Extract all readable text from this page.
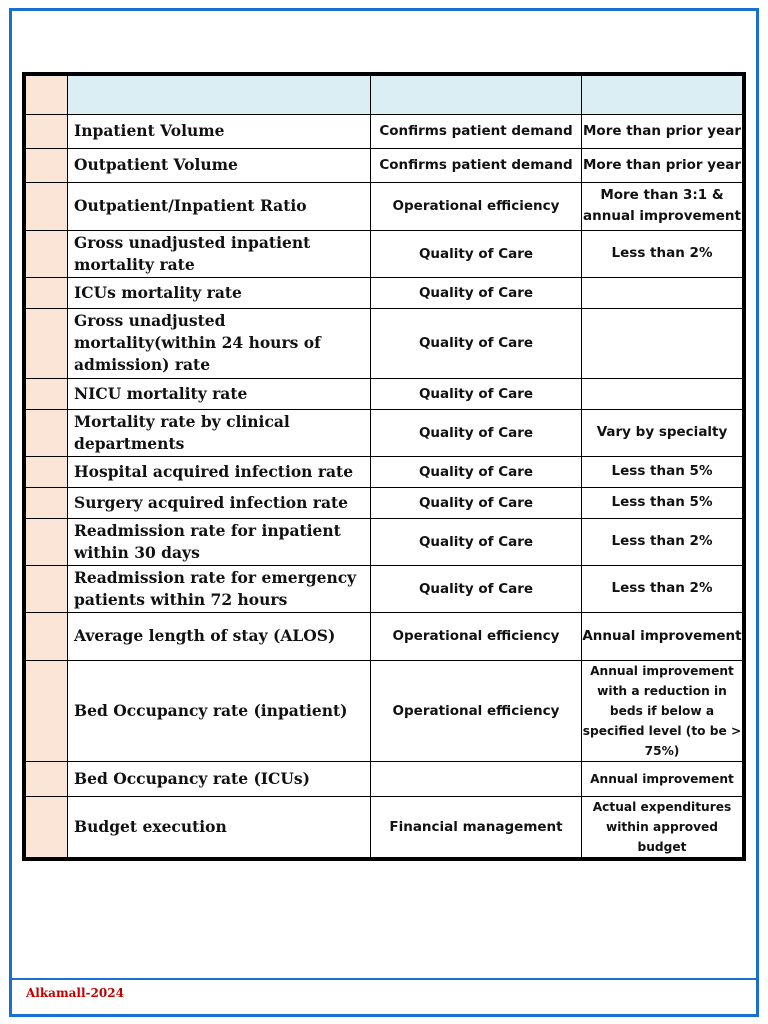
	Inpatient Volume	Confirms patient demand	More than prior year
	Outpatient Volume	Confirms patient demand	More than prior year
	Outpatient/Inpatient Ratio	Operational efficiency	More than 3:1 & annual improvement
	Gross unadjusted inpatient mortality rate	Quality of Care	Less than 2%
	ICUs mortality rate	Quality of Care	
	Gross unadjusted mortality(within 24 hours of admission) rate	Quality of Care	
	NICU mortality rate	Quality of Care	
	Mortality rate by clinical departments	Quality of Care	Vary by specialty
	Hospital acquired infection rate	Quality of Care	Less than 5%
	Surgery acquired infection rate	Quality of Care	Less than 5%
	Readmission rate for inpatient within 30 days	Quality of Care	Less than 2%
	Readmission rate for emergency patients within 72 hours	Quality of Care	Less than 2%
	Average length of stay (ALOS)	Operational efficiency	Annual improvement
	Bed Occupancy rate (inpatient)	Operational efficiency	Annual improvement with a reduction in beds if below a specified level (to be > 75%)
	Bed Occupancy rate (ICUs)		Annual improvement
	Budget execution	Financial management	Actual expenditures within approved budget
Alkamall-2024
